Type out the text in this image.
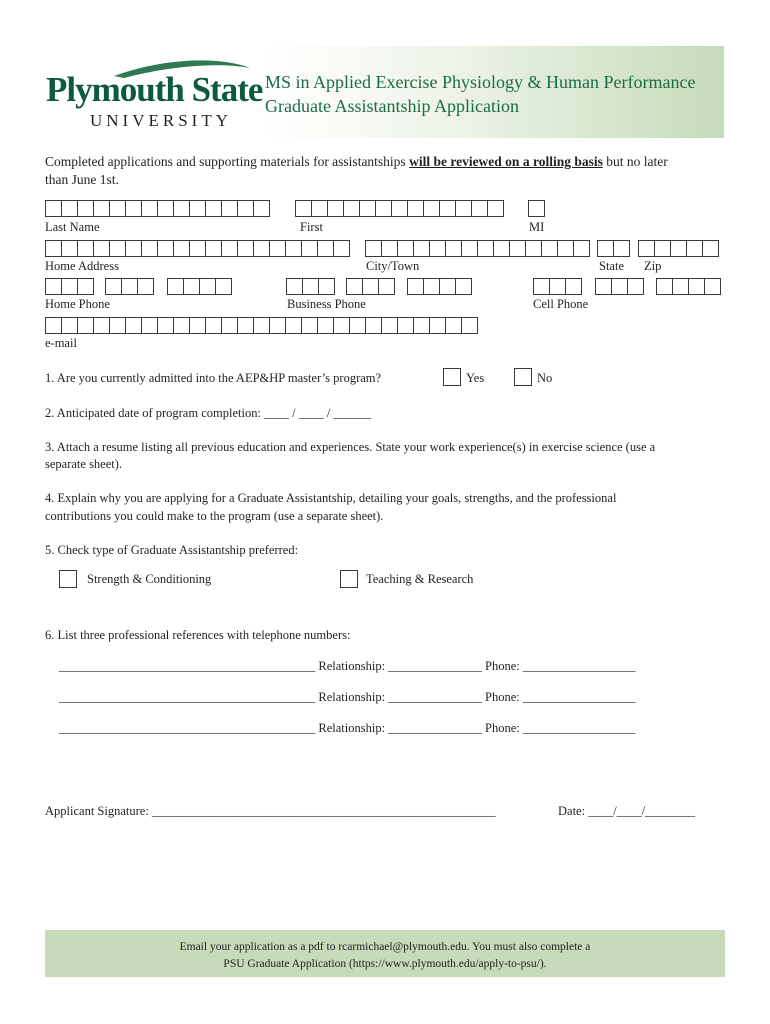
Plymouth State
UNIVERSITY
MS in Applied Exercise Physiology & Human Performance
Graduate Assistantship Application
Completed applications and supporting materials for assistantships will be reviewed on a rolling basis but no later
than June 1st.
Last Name	First	MI
Home Address	City/Town	State Zip
Home Phone	Business Phone	Cell Phone
e-mail
1. Are you currently admitted into the AEP&HP master’s program?	Yes	No
2. Anticipated date of program completion: ____ / ____ / ______
3. Attach a resume listing all previous education and experiences. State your work experience(s) in exercise science (use a
separate sheet).
4. Explain why you are applying for a Graduate Assistantship, detailing your goals, strengths, and the professional
contributions you could make to the program (use a separate sheet).
5. Check type of Graduate Assistantship preferred:
Strength & Conditioning	Teaching & Research
6. List three professional references with telephone numbers:
_________________________________________ Relationship: _______________ Phone: __________________
_________________________________________ Relationship: _______________ Phone: __________________
_________________________________________ Relationship: _______________ Phone: __________________
Applicant Signature: _______________________________________________________	Date: ____/____/________
Email your application as a pdf to rcarmichael@plymouth.edu. You must also complete a
PSU Graduate Application (https://www.plymouth.edu/apply-to-psu/).
